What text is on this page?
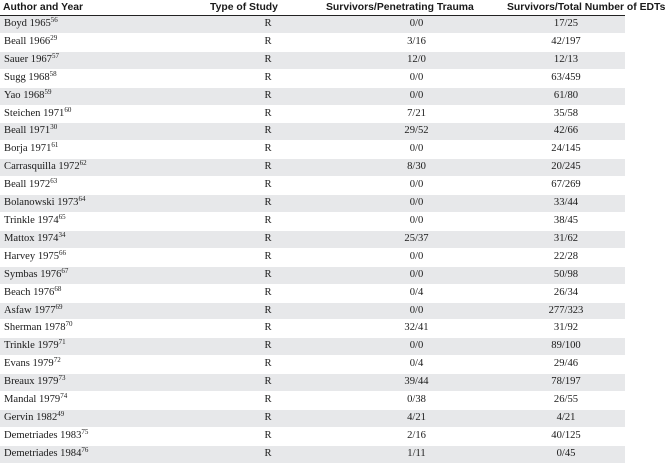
Author and Year	Type of Study	Survivors/Penetrating Trauma	Survivors/Total Number of EDTs
Boyd 1965$^{56}$	R	0/0	17/25
Beall 1966$^{29}$	R	3/16	42/197
Sauer 1967$^{57}$	R	12/0	12/13
Sugg 1968$^{58}$	R	0/0	63/459
Yao 1968$^{59}$	R	0/0	61/80
Steichen 1971$^{60}$	R	7/21	35/58
Beall 1971$^{30}$	R	29/52	42/66
Borja 1971$^{61}$	R	0/0	24/145
Carrasquilla 1972$^{62}$	R	8/30	20/245
Beall 1972$^{63}$	R	0/0	67/269
Bolanowski 1973$^{64}$	R	0/0	33/44
Trinkle 1974$^{65}$	R	0/0	38/45
Mattox 1974$^{34}$	R	25/37	31/62
Harvey 1975$^{66}$	R	0/0	22/28
Symbas 1976$^{67}$	R	0/0	50/98
Beach 1976$^{68}$	R	0/4	26/34
Asfaw 1977$^{69}$	R	0/0	277/323
Sherman 1978$^{70}$	R	32/41	31/92
Trinkle 1979$^{71}$	R	0/0	89/100
Evans 1979$^{72}$	R	0/4	29/46
Breaux 1979$^{73}$	R	39/44	78/197
Mandal 1979$^{74}$	R	0/38	26/55
Gervin 1982$^{49}$	R	4/21	4/21
Demetriades 1983$^{75}$	R	2/16	40/125
Demetriades 1984$^{76}$	R	1/11	0/45
